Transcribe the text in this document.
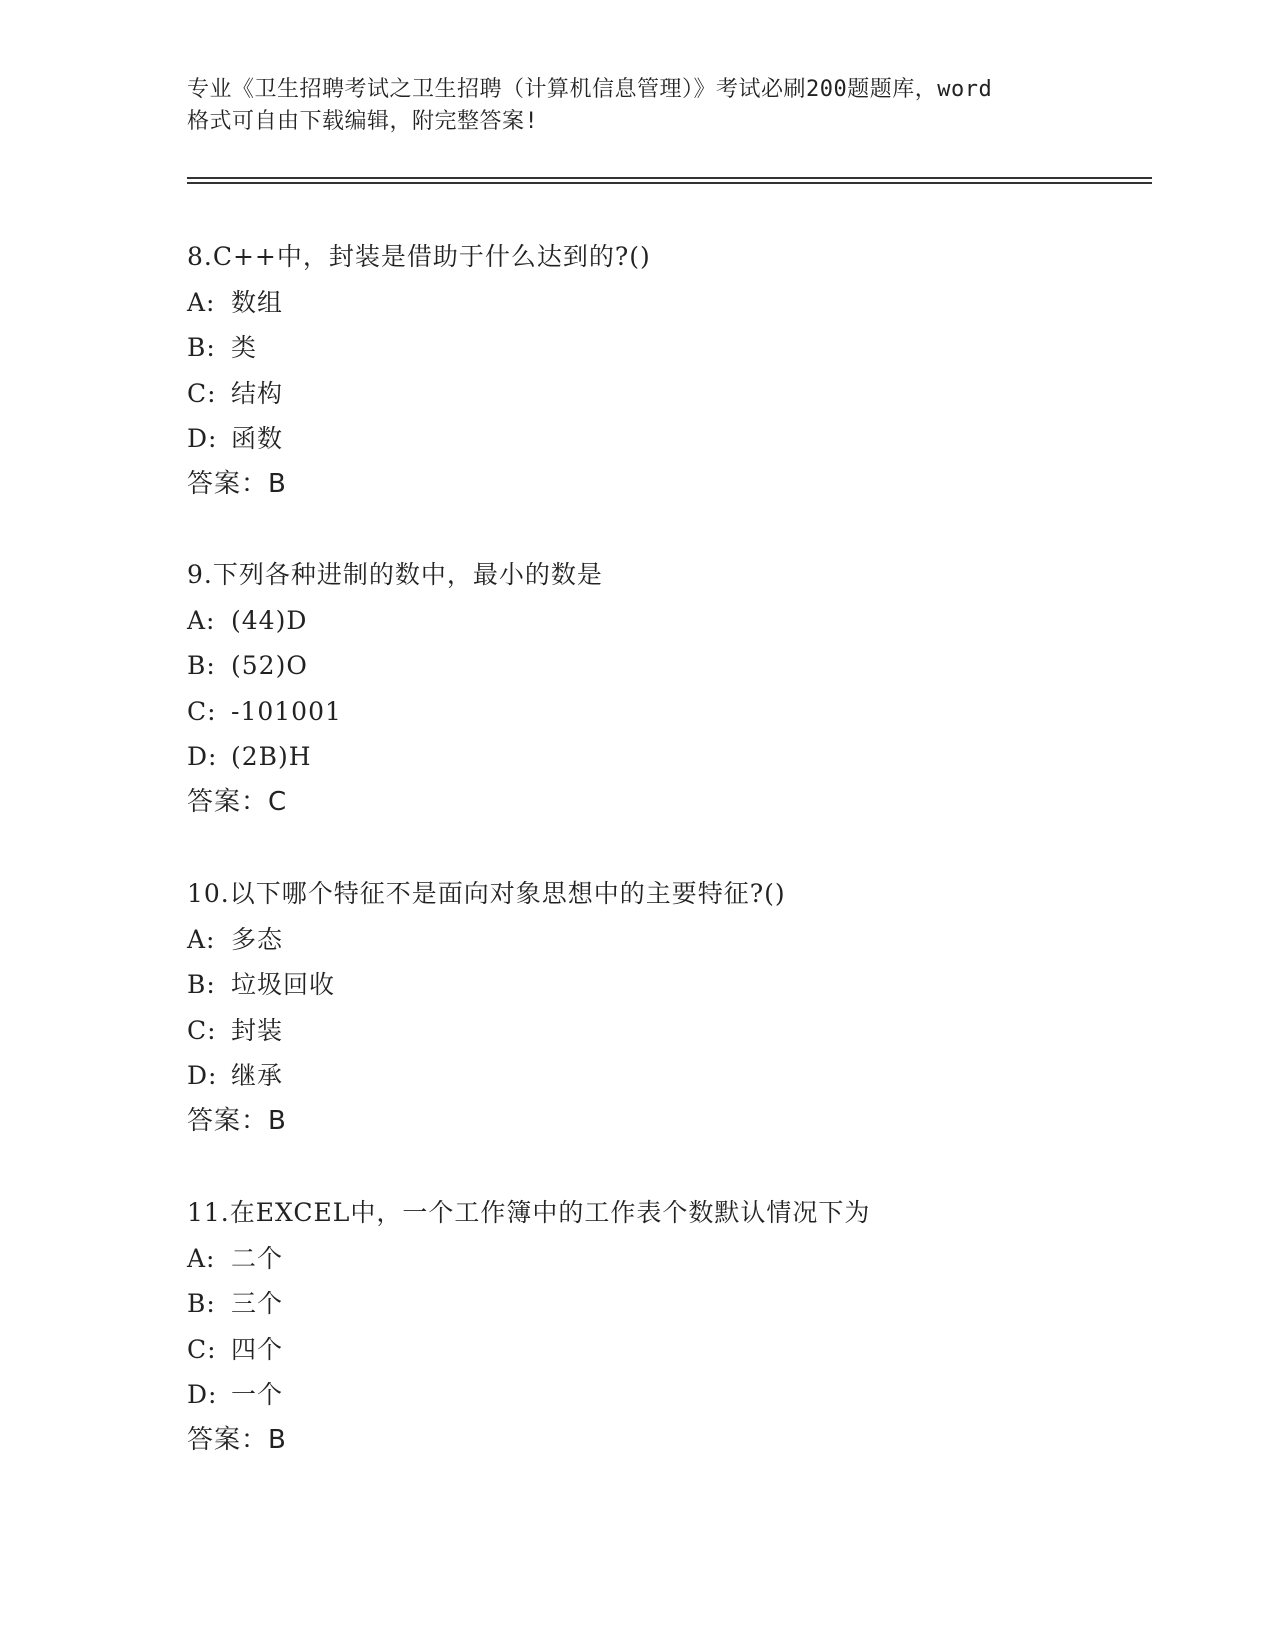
专业《卫生招聘考试之卫生招聘（计算机信息管理）》考试必刷200题题库，word
格式可自由下载编辑，附完整答案!
8.C++中，封装是借助于什么达到的?()
A: 数组
B: 类
C: 结构
D: 函数
答案：B
9.下列各种进制的数中，最小的数是
A: (44)D
B: (52)O
C: -101001
D: (2B)H
答案：C
10.以下哪个特征不是面向对象思想中的主要特征?()
A: 多态
B: 垃圾回收
C: 封装
D: 继承
答案：B
11.在EXCEL中，一个工作簿中的工作表个数默认情况下为
A: 二个
B: 三个
C: 四个
D: 一个
答案：B
